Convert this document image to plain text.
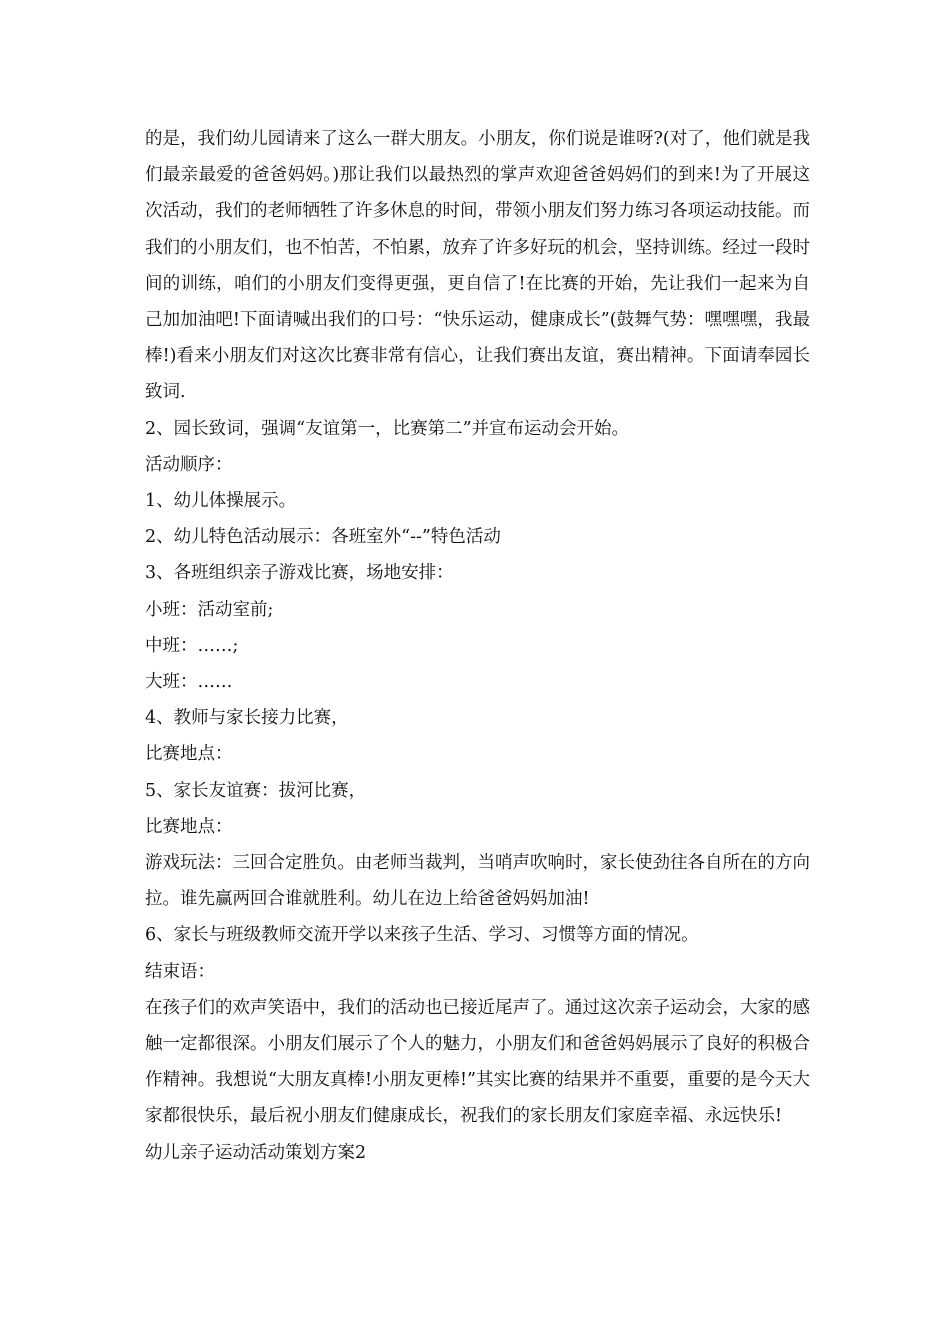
的是，我们幼儿园请来了这么一群大朋友。小朋友，你们说是谁呀?(对了，他们就是我们最亲最爱的爸爸妈妈。)那让我们以最热烈的掌声欢迎爸爸妈妈们的到来!为了开展这次活动，我们的老师牺牲了许多休息的时间，带领小朋友们努力练习各项运动技能。而我们的小朋友们，也不怕苦，不怕累，放弃了许多好玩的机会，坚持训练。经过一段时间的训练，咱们的小朋友们变得更强，更自信了!在比赛的开始，先让我们一起来为自己加加油吧!下面请喊出我们的口号：“快乐运动，健康成长”(鼓舞气势：嘿嘿嘿，我最棒!)看来小朋友们对这次比赛非常有信心，让我们赛出友谊，赛出精神。下面请奉园长致词.

2、园长致词，强调“友谊第一，比赛第二”并宣布运动会开始。

活动顺序：

1、幼儿体操展示。

2、幼儿特色活动展示：各班室外“--”特色活动

3、各班组织亲子游戏比赛，场地安排：

小班：活动室前;

中班：……;

大班：……

4、教师与家长接力比赛，

比赛地点：

5、家长友谊赛：拔河比赛，

比赛地点：

游戏玩法：三回合定胜负。由老师当裁判，当哨声吹响时，家长使劲往各自所在的方向拉。谁先赢两回合谁就胜利。幼儿在边上给爸爸妈妈加油!

6、家长与班级教师交流开学以来孩子生活、学习、习惯等方面的情况。

结束语：

在孩子们的欢声笑语中，我们的活动也已接近尾声了。通过这次亲子运动会，大家的感触一定都很深。小朋友们展示了个人的魅力，小朋友们和爸爸妈妈展示了良好的积极合作精神。我想说“大朋友真棒!小朋友更棒!”其实比赛的结果并不重要，重要的是今天大家都很快乐，最后祝小朋友们健康成长，祝我们的家长朋友们家庭幸福、永远快乐!

幼儿亲子运动活动策划方案2
